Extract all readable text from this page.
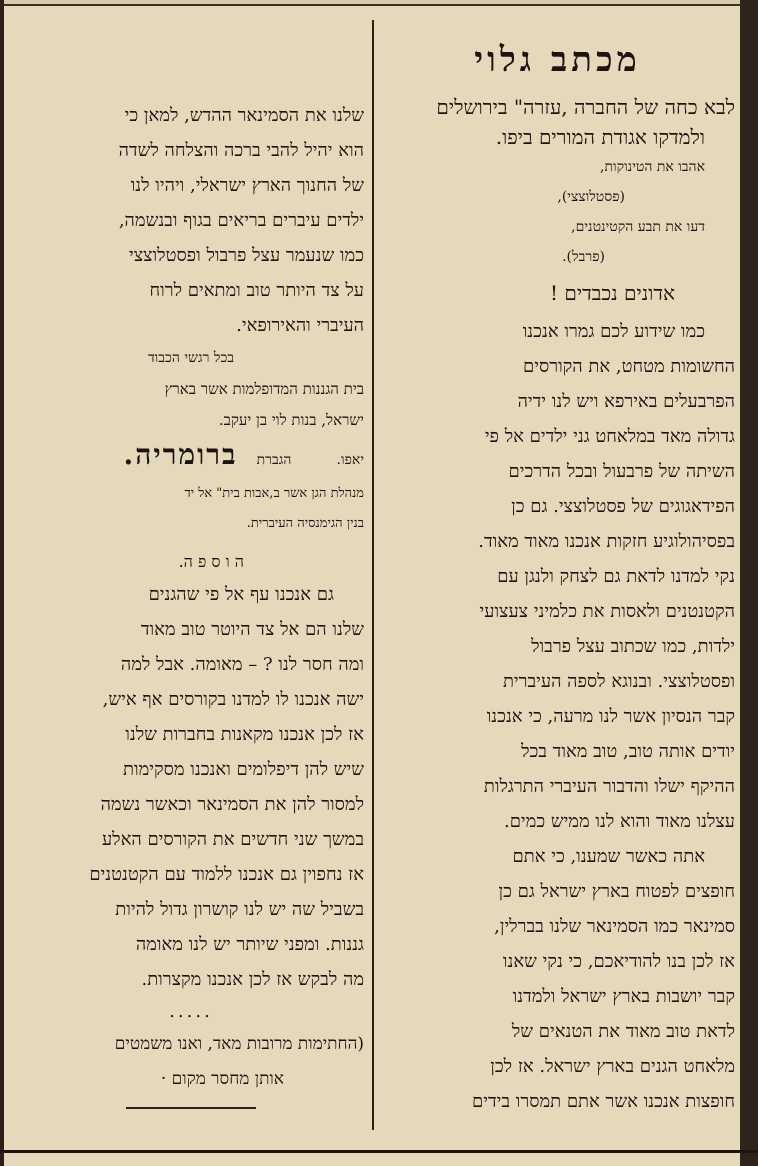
מכתב גלוי
לבא כחה של החברה ,עזרה" בירושלים
ולמדקו אגודת המורים ביפו.
אהבו את הטינוקות,
(פסטלוצצי),
דעו את תבע הקטינטנים,
(פרבל).
אדונים נכבדים !
כמו שידוע לכם גמרו אנכנו
החשומות מטחט, את הקורסים
הפרבעלים באירפא ויש לנו ידיה
גדולה מאד במלאחט גני ילדים אל פי
השיתה של פרבעול ובכל הדרכים
הפידאגוגים של פסטלוצצי. גם כן
בפסיהולוגיע חזקות אנכנו מאוד מאוד.
נקי למדנו לדאת גם לצחק ולנגן עם
הקטנטנים ולאסות את כלמיני צעצועי
ילדות, כמו שכתוב עצל פרבול
ופסטלוצצי. ובנוגא לספה העיברית
קבר הנסיון אשר לנו מרעה, כי אנכנו
יודים אותה טוב, טוב מאוד בכל
ההיקף ישלו והדבור העיברי התרגלות
עצלנו מאוד והוא לנו ממיש כמים.
אתה כאשר שמענו, כי אתם
חופצים לפטוח בארץ ישראל גם כן
סמינאר כמו הסמינאר שלנו בברלין,
אז לכן בנו להודיאכם, כי נקי שאנו
קבר יושבות בארץ ישראל ולמדנו
לדאת טוב מאוד את הטנאים של
מלאחט הגנים בארץ ישראל. אז לכן
חופצות אנכנו אשר אתם תמסרו בידים
שלנו את הסמינאר ההדש, למאן כי
הוא יהיל להבי ברכה והצלחה לשדה
של החנוך הארץ ישראלי, ויהיו לנו
ילדים עיברים בריאים בגוף ובנשמה,
כמו שנעמר עצל פרבול ופסטלוצצי
על צד היותר טוב ומתאים לרוח
העיברי והאירופאי.
בכל רגשי הכבוד
בית הגננות המדופלמות אשר בארץ
ישראל, בנות לוי בן יעקב.
יאפו. הגברת ברומריה.
מנהלת הגן אשר ב,אבות בית" אל יד
בנין הגימנסיה העיברית.
ה ו ס פ ה.
גם אנכנו עף אל פי שהגנים
שלנו הם אל צד היוטר טוב מאוד
ומה חסר לנו ? – מאומה. אבל למה
ישה אנכנו לו למדנו בקורסים אף איש,
אז לכן אנכנו מקאנות בחברות שלנו
שיש להן דיפלומים ואנכנו מסקימות
למסור להן את הסמינאר וכאשר נשמה
במשך שני חדשים את הקורסים האלע
אז נחפוין גם אנכנו ללמוד עם הקטנטנים
בשביל שה יש לנו קושרון גדול להיות
גננות. ומפני שיותר יש לנו מאומה
מה לבקש אז לכן אנכנו מקצרות.
.....
(החתימות מרובות מאד, ואנו משמטים
אותן מחסר מקום ·
